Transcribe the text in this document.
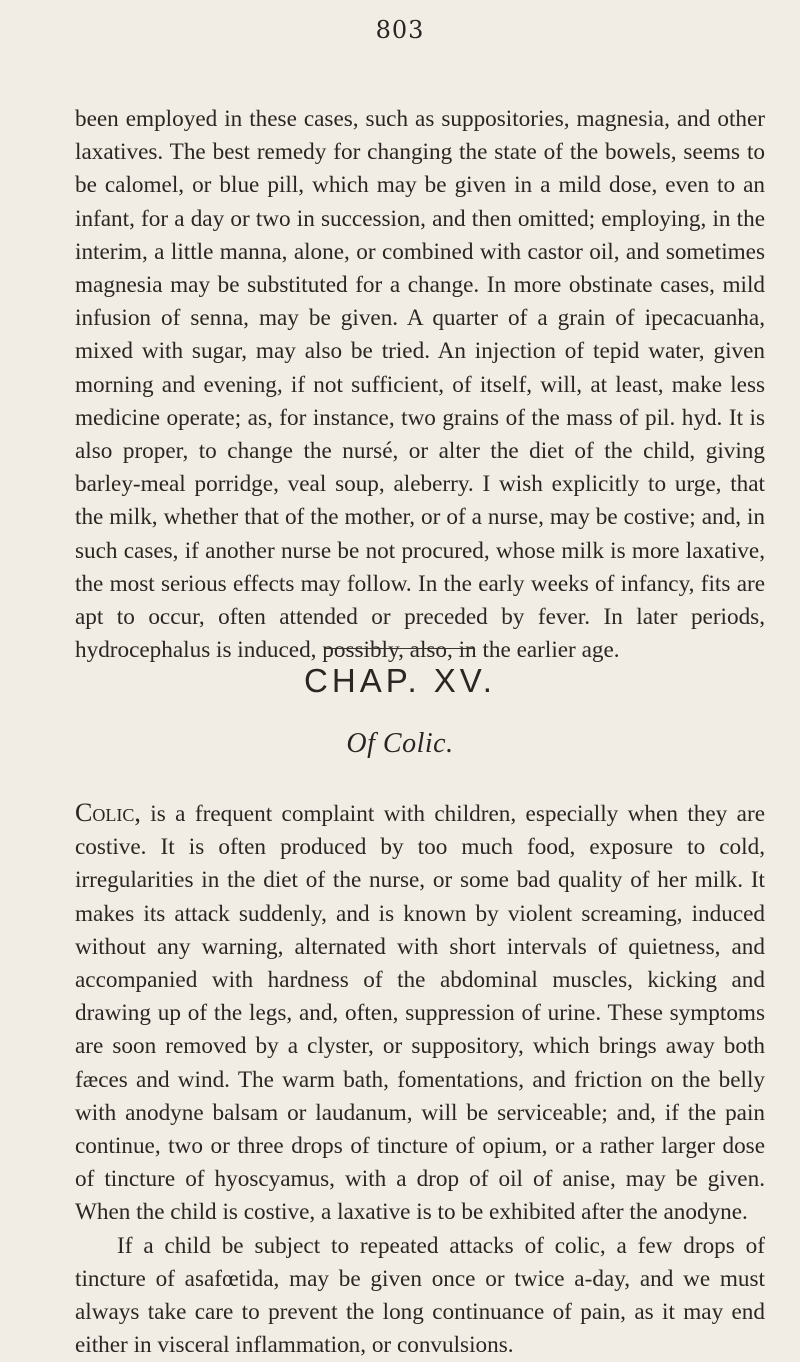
803

been employed in these cases, such as suppositories, magnesia, and other laxatives. The best remedy for changing the state of the bowels, seems to be calomel, or blue pill, which may be given in a mild dose, even to an infant, for a day or two in succession, and then omitted; employing, in the interim, a little manna, alone, or combined with castor oil, and sometimes magnesia may be substituted for a change. In more obstinate cases, mild infusion of senna, may be given. A quarter of a grain of ipecacuanha, mixed with sugar, may also be tried. An injection of tepid water, given morning and evening, if not sufficient, of itself, will, at least, make less medicine operate; as, for instance, two grains of the mass of pil. hyd. It is also proper, to change the nursé, or alter the diet of the child, giving barley-meal porridge, veal soup, aleberry. I wish explicitly to urge, that the milk, whether that of the mother, or of a nurse, may be costive; and, in such cases, if another nurse be not procured, whose milk is more laxative, the most serious effects may follow. In the early weeks of infancy, fits are apt to occur, often attended or preceded by fever. In later periods, hydrocephalus is induced, possibly, also, in the earlier age.

CHAP. XV.
Of Colic.

Colic, is a frequent complaint with children, especially when they are costive. It is often produced by too much food, exposure to cold, irregularities in the diet of the nurse, or some bad quality of her milk. It makes its attack suddenly, and is known by violent screaming, induced without any warning, alternated with short intervals of quietness, and accompanied with hardness of the abdominal muscles, kicking and drawing up of the legs, and, often, suppression of urine. These symptoms are soon removed by a clyster, or suppository, which brings away both fæces and wind. The warm bath, fomentations, and friction on the belly with anodyne balsam or laudanum, will be serviceable; and, if the pain continue, two or three drops of tincture of opium, or a rather larger dose of tincture of hyoscyamus, with a drop of oil of anise, may be given. When the child is costive, a laxative is to be exhibited after the anodyne.

If a child be subject to repeated attacks of colic, a few drops of tincture of asafœtida, may be given once or twice a-day, and we must always take care to prevent the long continuance of pain, as it may end either in visceral inflammation, or convulsions.
